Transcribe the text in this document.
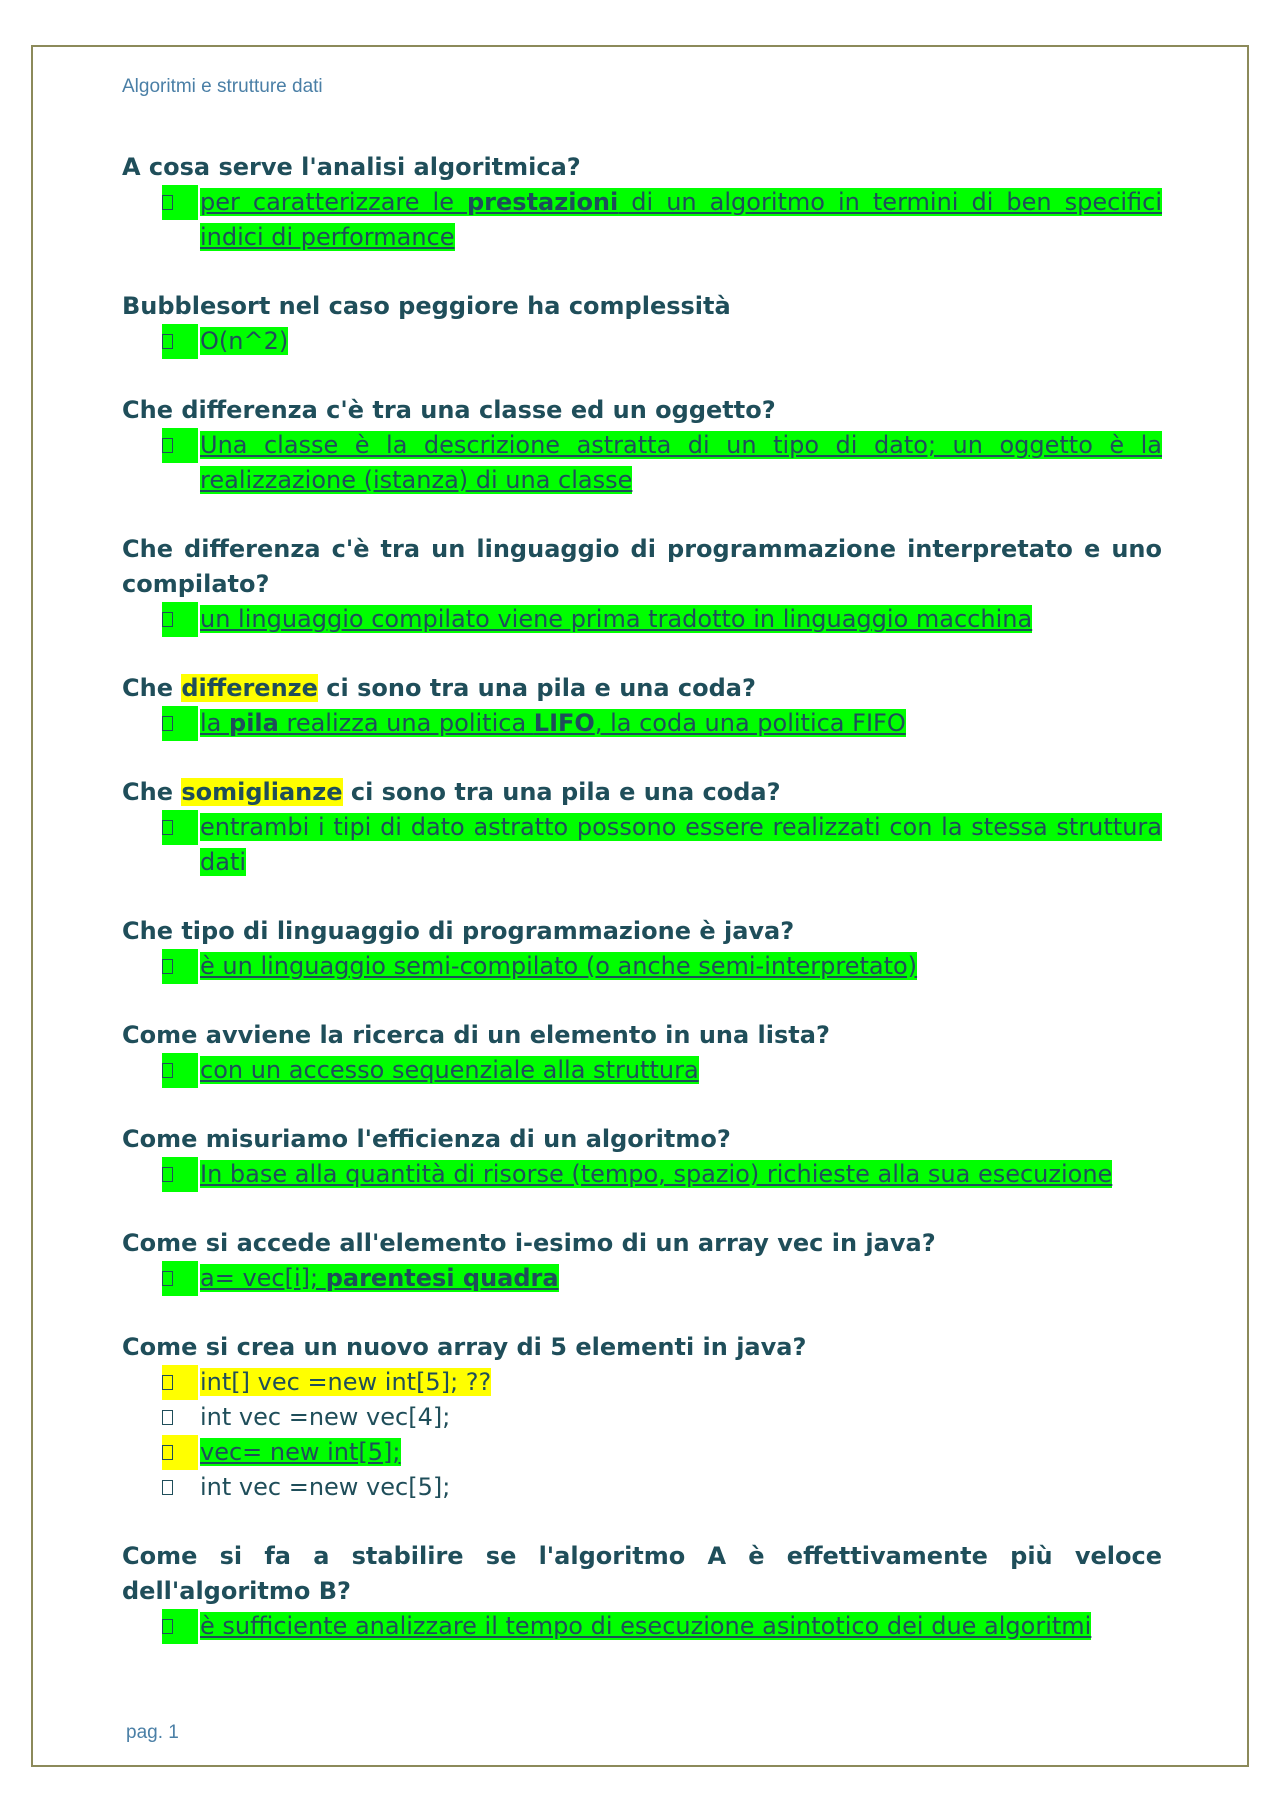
Algoritmi e strutture dati

A cosa serve l'analisi algoritmica?

per caratterizzare le prestazioni di un algoritmo in termini di ben specifici indici di performance

Bubblesort nel caso peggiore ha complessità

O(n^2)

Che differenza c'è tra una classe ed un oggetto?

Una classe è la descrizione astratta di un tipo di dato; un oggetto è la realizzazione (istanza) di una classe

Che differenza c'è tra un linguaggio di programmazione interpretato e uno compilato?

un linguaggio compilato viene prima tradotto in linguaggio macchina

Che differenze ci sono tra una pila e una coda?

la pila realizza una politica LIFO, la coda una politica FIFO

Che somiglianze ci sono tra una pila e una coda?

entrambi i tipi di dato astratto possono essere realizzati con la stessa struttura dati

Che tipo di linguaggio di programmazione è java?

è un linguaggio semi-compilato (o anche semi-interpretato)

Come avviene la ricerca di un elemento in una lista?

con un accesso sequenziale alla struttura

Come misuriamo l'efficienza di un algoritmo?

In base alla quantità di risorse (tempo, spazio) richieste alla sua esecuzione

Come si accede all'elemento i-esimo di un array vec in java?

a= vec[i]; parentesi quadra

Come si crea un nuovo array di 5 elementi in java?

int[] vec =new int[5]; ??
int vec =new vec[4];
vec= new int[5];
int vec =new vec[5];

Come si fa a stabilire se l'algoritmo A è effettivamente più veloce dell'algoritmo B?

è sufficiente analizzare il tempo di esecuzione asintotico dei due algoritmi
pag. 1
